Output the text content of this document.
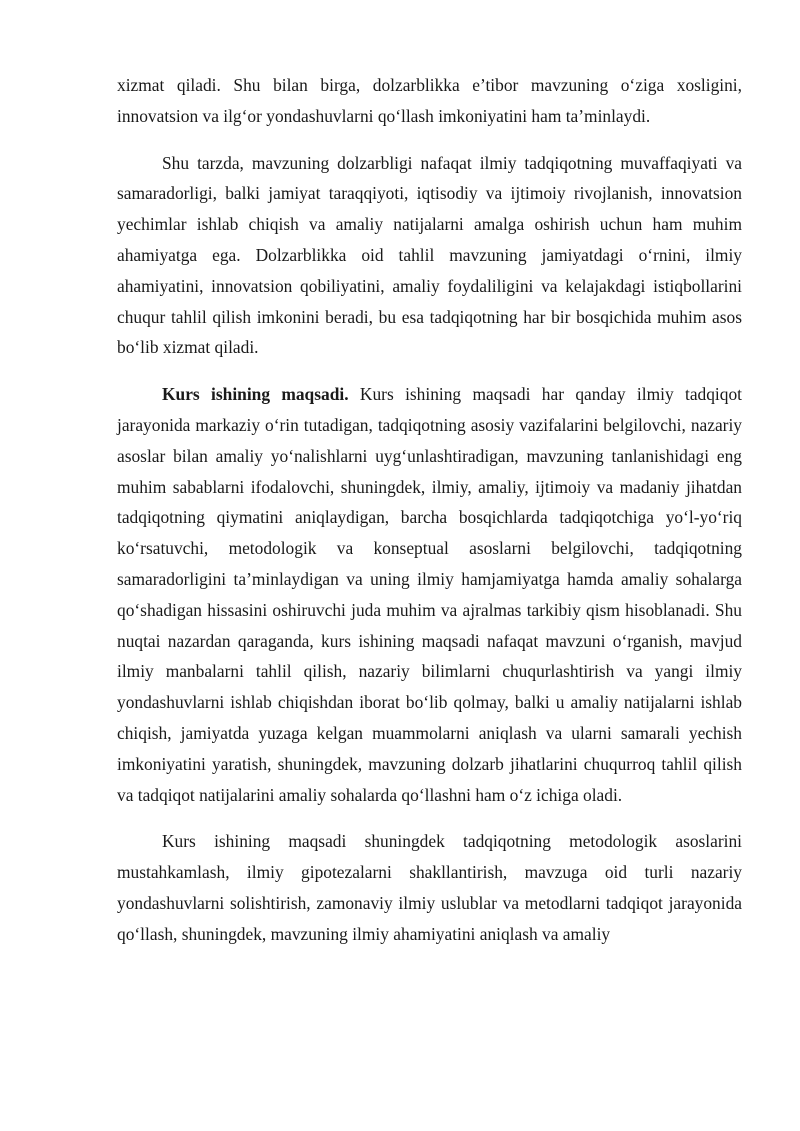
xizmat qiladi. Shu bilan birga, dolzarblikka e’tibor mavzuning o‘ziga xosligini, innovatsion va ilg‘or yondashuvlarni qo‘llash imkoniyatini ham ta’minlaydi.

Shu tarzda, mavzuning dolzarbligi nafaqat ilmiy tadqiqotning muvaffaqiyati va samaradorligi, balki jamiyat taraqqiyoti, iqtisodiy va ijtimoiy rivojlanish, innovatsion yechimlar ishlab chiqish va amaliy natijalarni amalga oshirish uchun ham muhim ahamiyatga ega. Dolzarblikka oid tahlil mavzuning jamiyatdagi o‘rnini, ilmiy ahamiyatini, innovatsion qobiliyatini, amaliy foydaliligini va kelajakdagi istiqbollarini chuqur tahlil qilish imkonini beradi, bu esa tadqiqotning har bir bosqichida muhim asos bo‘lib xizmat qiladi.

Kurs ishining maqsadi. Kurs ishining maqsadi har qanday ilmiy tadqiqot jarayonida markaziy o‘rin tutadigan, tadqiqotning asosiy vazifalarini belgilovchi, nazariy asoslar bilan amaliy yo‘nalishlarni uyg‘unlashtiradigan, mavzuning tanlanishidagi eng muhim sabablarni ifodalovchi, shuningdek, ilmiy, amaliy, ijtimoiy va madaniy jihatdan tadqiqotning qiymatini aniqlaydigan, barcha bosqichlarda tadqiqotchiga yo‘l-yo‘riq ko‘rsatuvchi, metodologik va konseptual asoslarni belgilovchi, tadqiqotning samaradorligini ta’minlaydigan va uning ilmiy hamjamiyatga hamda amaliy sohalarga qo‘shadigan hissasini oshiruvchi juda muhim va ajralmas tarkibiy qism hisoblanadi. Shu nuqtai nazardan qaraganda, kurs ishining maqsadi nafaqat mavzuni o‘rganish, mavjud ilmiy manbalarni tahlil qilish, nazariy bilimlarni chuqurlashtirish va yangi ilmiy yondashuvlarni ishlab chiqishdan iborat bo‘lib qolmay, balki u amaliy natijalarni ishlab chiqish, jamiyatda yuzaga kelgan muammolarni aniqlash va ularni samarali yechish imkoniyatini yaratish, shuningdek, mavzuning dolzarb jihatlarini chuqurroq tahlil qilish va tadqiqot natijalarini amaliy sohalarda qo‘llashni ham o‘z ichiga oladi.

Kurs ishining maqsadi shuningdek tadqiqotning metodologik asoslarini mustahkamlash, ilmiy gipotezalarni shakllantirish, mavzuga oid turli nazariy yondashuvlarni solishtirish, zamonaviy ilmiy uslublar va metodlarni tadqiqot jarayonida qo‘llash, shuningdek, mavzuning ilmiy ahamiyatini aniqlash va amaliy
